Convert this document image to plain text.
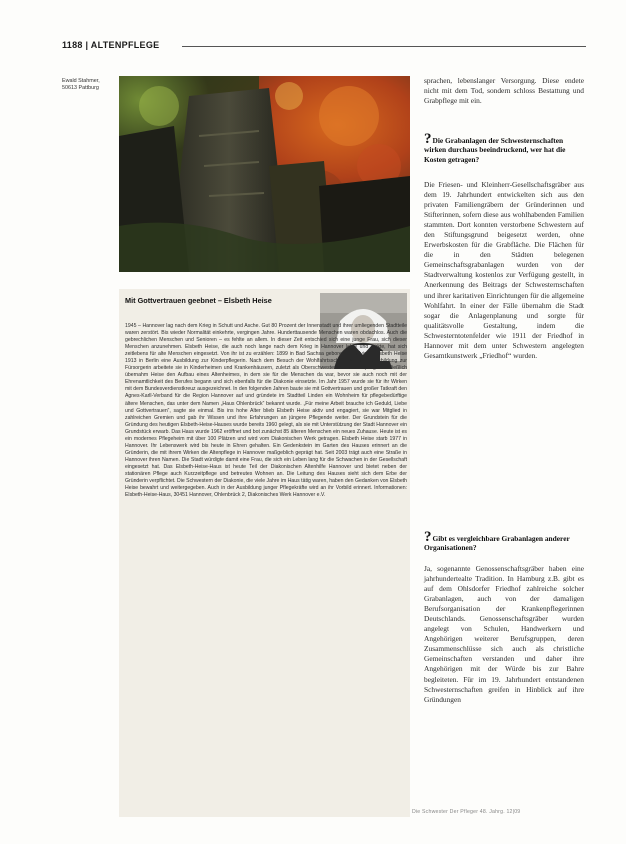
1188 | ALTENPFLEGE
Ewald Stahmer, 50613 Pattburg
Mit Gottvertrauen geebnet – Elsbeth Heise
1945 – Hannover lag nach dem Krieg in Schutt und Asche. Gut 80 Prozent der Innenstadt und ihrer umliegenden Stadtteile waren zerstört. Bis wieder Normalität einkehrte, vergingen Jahre. Hunderttausende Menschen waren obdachlos. Auch die gebrechlichen Menschen und Senioren – es fehlte an allem. In dieser Zeit entschied sich eine junge Frau, sich dieser Menschen anzunehmen. Elsbeth Heise, die auch noch lange nach dem Krieg in Hannover lebte und wirkte, hat sich zeitlebens für alte Menschen eingesetzt. Von ihr ist zu erzählen: 1899 in Bad Sachsa geboren, absolvierte Elsbeth Heise 1913 in Berlin eine Ausbildung zur Kinderpflegerin. Nach dem Besuch der Wohlfahrtsschule und ihrer Ausbildung zur Fürsorgerin arbeitete sie in Kinderheimen und Krankenhäusern, zuletzt als Oberschwester in der Altenpflege. Schließlich übernahm Heise den Aufbau eines Altenheimes, in dem sie für die Menschen da war, bevor sie auch noch mit der Ehrenamtlichkeit des Berufes begann und sich ebenfalls für die Diakonie einsetzte. Im Jahr 1957 wurde sie für ihr Wirken mit dem Bundesverdienstkreuz ausgezeichnet. In den folgenden Jahren baute sie mit Gottvertrauen und großer Tatkraft den Agnes-Karll-Verband für die Region Hannover auf und gründete im Stadtteil Linden ein Wohnheim für pflegebedürftige ältere Menschen, das unter dem Namen „Haus Ohlenbrück“ bekannt wurde. „Für meine Arbeit brauche ich Geduld, Liebe und Gottvertrauen“, sagte sie einmal. Bis ins hohe Alter blieb Elsbeth Heise aktiv und engagiert, sie war Mitglied in zahlreichen Gremien und gab ihr Wissen und ihre Erfahrungen an jüngere Pflegende weiter. Der Grundstein für die Gründung des heutigen Elsbeth-Heise-Hauses wurde bereits 1960 gelegt, als sie mit Unterstützung der Stadt Hannover ein Grundstück erwarb. Das Haus wurde 1962 eröffnet und bot zunächst 85 älteren Menschen ein neues Zuhause. Heute ist es ein modernes Pflegeheim mit über 100 Plätzen und wird vom Diakonischen Werk getragen. Elsbeth Heise starb 1977 in Hannover. Ihr Lebenswerk wird bis heute in Ehren gehalten. Ein Gedenkstein im Garten des Hauses erinnert an die Gründerin, die mit ihrem Wirken die Altenpflege in Hannover maßgeblich geprägt hat. Seit 2003 trägt auch eine Straße in Hannover ihren Namen. Die Stadt würdigte damit eine Frau, die sich ein Leben lang für die Schwachen in der Gesellschaft eingesetzt hat. Das Elsbeth-Heise-Haus ist heute Teil der Diakonischen Altenhilfe Hannover und bietet neben der stationären Pflege auch Kurzzeitpflege und betreutes Wohnen an. Die Leitung des Hauses sieht sich dem Erbe der Gründerin verpflichtet. Die Schwestern der Diakonie, die viele Jahre im Haus tätig waren, haben den Gedanken von Elsbeth Heise bewahrt und weitergegeben. Auch in der Ausbildung junger Pflegekräfte wird an ihr Vorbild erinnert. Informationen: Elsbeth-Heise-Haus, 30451 Hannover, Ohlenbrück 2, Diakonisches Werk Hannover e.V.
sprachen, lebenslanger Versorgung. Diese endete nicht mit dem Tod, sondern schloss Bestattung und Grabpflege mit ein.
?Die Grabanlagen der Schwesternschaften wirken durchaus beeindruckend, wer hat die Kosten getragen?
Die Friesen- und Kleinherr-Gesellschaftsgräber aus dem 19. Jahrhundert entwickelten sich aus den privaten Familiengräbern der Gründerinnen und Stifterinnen, sofern diese aus wohlhabenden Familien stammten. Dort konnten verstorbene Schwestern auf den Stiftungsgrund beigesetzt werden, ohne Erwerbskosten für die Grabfläche. Die Flächen für die in den Städten belegenen Gemeinschaftsgrabanlagen wurden von der Stadtverwaltung kostenlos zur Verfügung gestellt, in Anerkennung des Beitrags der Schwesternschaften und ihrer karitativen Einrichtungen für die allgemeine Wohlfahrt. In einer der Fälle übernahm die Stadt sogar die Anlagenplanung und sorgte für qualitätsvolle Gestaltung, indem die Schwesterntotenfelder wie 1911 der Friedhof in Hannover mit dem unter Schwestern angelegten Gesamtkunstwerk „Friedhof“ wurden.
?Gibt es vergleichbare Grabanlagen anderer Organisationen?
Ja, sogenannte Genossenschaftsgräber haben eine jahrhundertealte Tradition. In Hamburg z.B. gibt es auf dem Ohlsdorfer Friedhof zahlreiche solcher Grabanlagen, auch von der damaligen Berufsorganisation der Krankenpflegerinnen Deutschlands. Genossenschaftsgräber wurden angelegt von Schulen, Handwerkern und Angehörigen weiterer Berufsgruppen, deren Zusammenschlüsse sich auch als christliche Gemeinschaften verstanden und daher ihre Angehörigen mit der Würde bis zur Bahre begleiteten. Für im 19. Jahrhundert entstandenen Schwesternschaften greifen in Hinblick auf ihre Gründungen
Die Schwester Der Pfleger 48. Jahrg. 12|09
